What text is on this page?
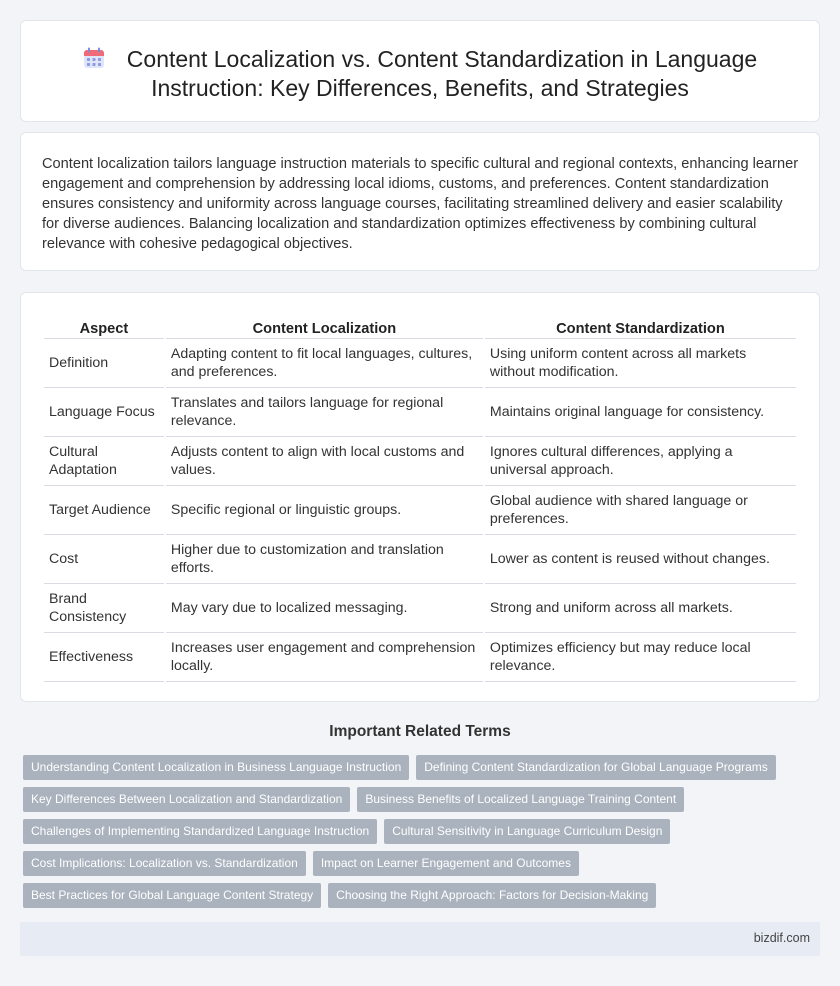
Content Localization vs. Content Standardization in Language Instruction: Key Differences, Benefits, and Strategies

Content localization tailors language instruction materials to specific cultural and regional contexts, enhancing learner engagement and comprehension by addressing local idioms, customs, and preferences. Content standardization ensures consistency and uniformity across language courses, facilitating streamlined delivery and easier scalability for diverse audiences. Balancing localization and standardization optimizes effectiveness by combining cultural relevance with cohesive pedagogical objectives.

Aspect	Content Localization	Content Standardization
Definition	Adapting content to fit local languages, cultures, and preferences.	Using uniform content across all markets without modification.
Language Focus	Translates and tailors language for regional relevance.	Maintains original language for consistency.
Cultural Adaptation	Adjusts content to align with local customs and values.	Ignores cultural differences, applying a universal approach.
Target Audience	Specific regional or linguistic groups.	Global audience with shared language or preferences.
Cost	Higher due to customization and translation efforts.	Lower as content is reused without changes.
Brand Consistency	May vary due to localized messaging.	Strong and uniform across all markets.
Effectiveness	Increases user engagement and comprehension locally.	Optimizes efficiency but may reduce local relevance.
Important Related Terms
Understanding Content Localization in Business Language Instruction Defining Content Standardization for Global Language Programs
Key Differences Between Localization and Standardization Business Benefits of Localized Language Training Content
Challenges of Implementing Standardized Language Instruction Cultural Sensitivity in Language Curriculum Design
Cost Implications: Localization vs. Standardization Impact on Learner Engagement and Outcomes
Best Practices for Global Language Content Strategy Choosing the Right Approach: Factors for Decision-Making
bizdif.com
